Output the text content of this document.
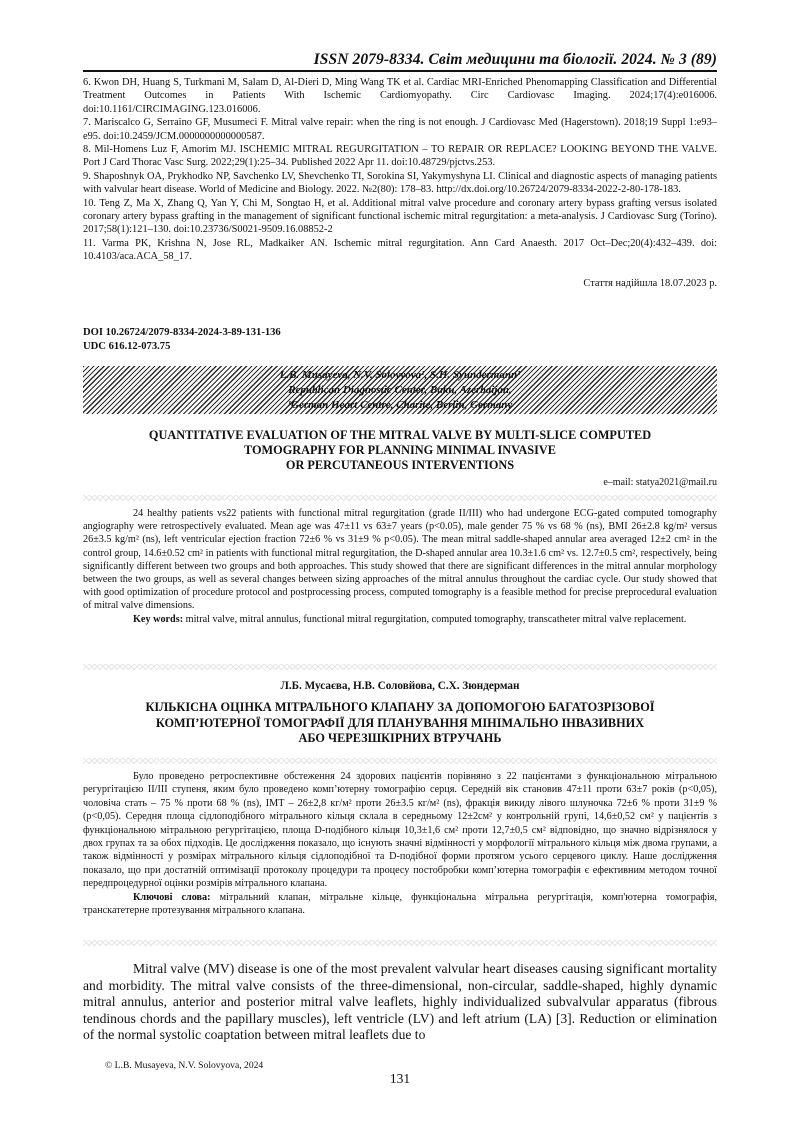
ISSN 2079-8334. Світ медицини та біології. 2024. № 3 (89)

6. Kwon DH, Huang S, Turkmani M, Salam D, Al-Dieri D, Ming Wang TK et al. Cardiac MRI-Enriched Phenomapping Classification and Differential Treatment Outcomes in Patients With Ischemic Cardiomyopathy. Circ Cardiovasc Imaging. 2024;17(4):e016006. doi:10.1161/CIRCIMAGING.123.016006.

7. Mariscalco G, Serraino GF, Musumeci F. Mitral valve repair: when the ring is not enough. J Cardiovasc Med (Hagerstown). 2018;19 Suppl 1:e93–e95. doi:10.2459/JCM.0000000000000587.

8. Mil-Homens Luz F, Amorim MJ. ISCHEMIC MITRAL REGURGITATION – TO REPAIR OR REPLACE? LOOKING BEYOND THE VALVE. Port J Card Thorac Vasc Surg. 2022;29(1):25–34. Published 2022 Apr 11. doi:10.48729/pjctvs.253.

9. Shaposhnyk OA, Prykhodko NP, Savchenko LV, Shevchenko TI, Sorokina SI, Yakymyshyna LI. Clinical and diagnostic aspects of managing patients with valvular heart disease. World of Medicine and Biology. 2022. №2(80): 178–83. http://dx.doi.org/10.26724/2079-8334-2022-2-80-178-183.

10. Teng Z, Ma X, Zhang Q, Yan Y, Chi M, Songtao H, et al. Additional mitral valve procedure and coronary artery bypass grafting versus isolated coronary artery bypass grafting in the management of significant functional ischemic mitral regurgitation: a meta-analysis. J Cardiovasc Surg (Torino). 2017;58(1):121–130. doi:10.23736/S0021-9509.16.08852-2

11. Varma PK, Krishna N, Jose RL, Madkaiker AN. Ischemic mitral regurgitation. Ann Card Anaesth. 2017 Oct–Dec;20(4):432–439. doi: 10.4103/aca.ACA_58_17.

Стаття надійшла 18.07.2023 р.
DOI 10.26724/2079-8334-2024-3-89-131-136
UDC 616.12-073.75
L.B. Musayeva, N.V. Solovyova¹, S.H. Syundermann¹
Republican Diagnostic Center, Baku, Azerbaijan,
¹German Heart Centre, Charite, Berlin, Germany
QUANTITATIVE EVALUATION OF THE MITRAL VALVE BY MULTI-SLICE COMPUTED
TOMOGRAPHY FOR PLANNING MINIMAL INVASIVE
OR PERCUTANEOUS INTERVENTIONS
e–mail: statya2021@mail.ru

24 healthy patients vs22 patients with functional mitral regurgitation (grade II/III) who had undergone ECG-gated computed tomography angiography were retrospectively evaluated. Mean age was 47±11 vs 63±7 years (p<0.05), male gender 75 % vs 68 % (ns), BMI 26±2.8 kg/m² versus 26±3.5 kg/m² (ns), left ventricular ejection fraction 72±6 % vs 31±9 % p<0.05). The mean mitral saddle-shaped annular area averaged 12±2 cm² in the control group, 14.6±0.52 cm² in patients with functional mitral regurgitation, the D-shaped annular area 10.3±1.6 cm² vs. 12.7±0.5 cm², respectively, being significantly different between two groups and both approaches. This study showed that there are significant differences in the mitral annular morphology between the two groups, as well as several changes between sizing approaches of the mitral annulus throughout the cardiac cycle. Our study showed that with good optimization of procedure protocol and postprocessing process, computed tomography is a feasible method for precise preprocedural evaluation of mitral valve dimensions.

Key words: mitral valve, mitral annulus, functional mitral regurgitation, computed tomography, transcatheter mitral valve replacement.

Л.Б. Мусаєва, Н.В. Соловйова, С.Х. Зюндерман
КІЛЬКІСНА ОЦІНКА МІТРАЛЬНОГО КЛАПАНУ ЗА ДОПОМОГОЮ БАГАТОЗРІЗОВОЇ
КОМП’ЮТЕРНОЇ ТОМОГРАФІЇ ДЛЯ ПЛАНУВАННЯ МІНІМАЛЬНО ІНВАЗИВНИХ
АБО ЧЕРЕЗШКІРНИХ ВТРУЧАНЬ

Було проведено ретроспективне обстеження 24 здорових пацієнтів порівняно з 22 пацієнтами з функціональною мітральною регургітацією II/III ступеня, яким було проведено комп’ютерну томографію серця. Середній вік становив 47±11 проти 63±7 років (p<0,05), чоловіча стать – 75 % проти 68 % (ns), ІМТ – 26±2,8 кг/м² проти 26±3.5 кг/м² (ns), фракція викиду лівого шлуночка 72±6 % проти 31±9 % (p<0,05). Середня площа сідлоподібного мітрального кільця склала в середньому 12±2см² у контрольній групі, 14,6±0,52 см² у пацієнтів з функціональною мітральною регургітацією, площа D-подібного кільця 10,3±1,6 см² проти 12,7±0,5 см² відповідно, що значно відрізнялося у двох групах та за обох підходів. Це дослідження показало, що існують значні відмінності у морфології мітрального кільця між двома групами, а також відмінності у розмірах мітрального кільця сідлоподібної та D-подібної форми протягом усього серцевого циклу. Наше дослідження показало, що при достатній оптимізації протоколу процедури та процесу постобробки комп’ютерна томографія є ефективним методом точної передпроцедурної оцінки розмірів мітрального клапана.

Ключові слова: мітральний клапан, мітральне кільце, функціональна мітральна регургітація, комп'ютерна томографія, транскатетерне протезування мітрального клапана.

Mitral valve (MV) disease is one of the most prevalent valvular heart diseases causing significant mortality and morbidity. The mitral valve consists of the three-dimensional, non-circular, saddle-shaped, highly dynamic mitral annulus, anterior and posterior mitral valve leaflets, highly individualized subvalvular apparatus (fibrous tendinous chords and the papillary muscles), left ventricle (LV) and left atrium (LA) [3]. Reduction or elimination of the normal systolic coaptation between mitral leaflets due to

© L.B. Musayeva, N.V. Solovyova, 2024
131
